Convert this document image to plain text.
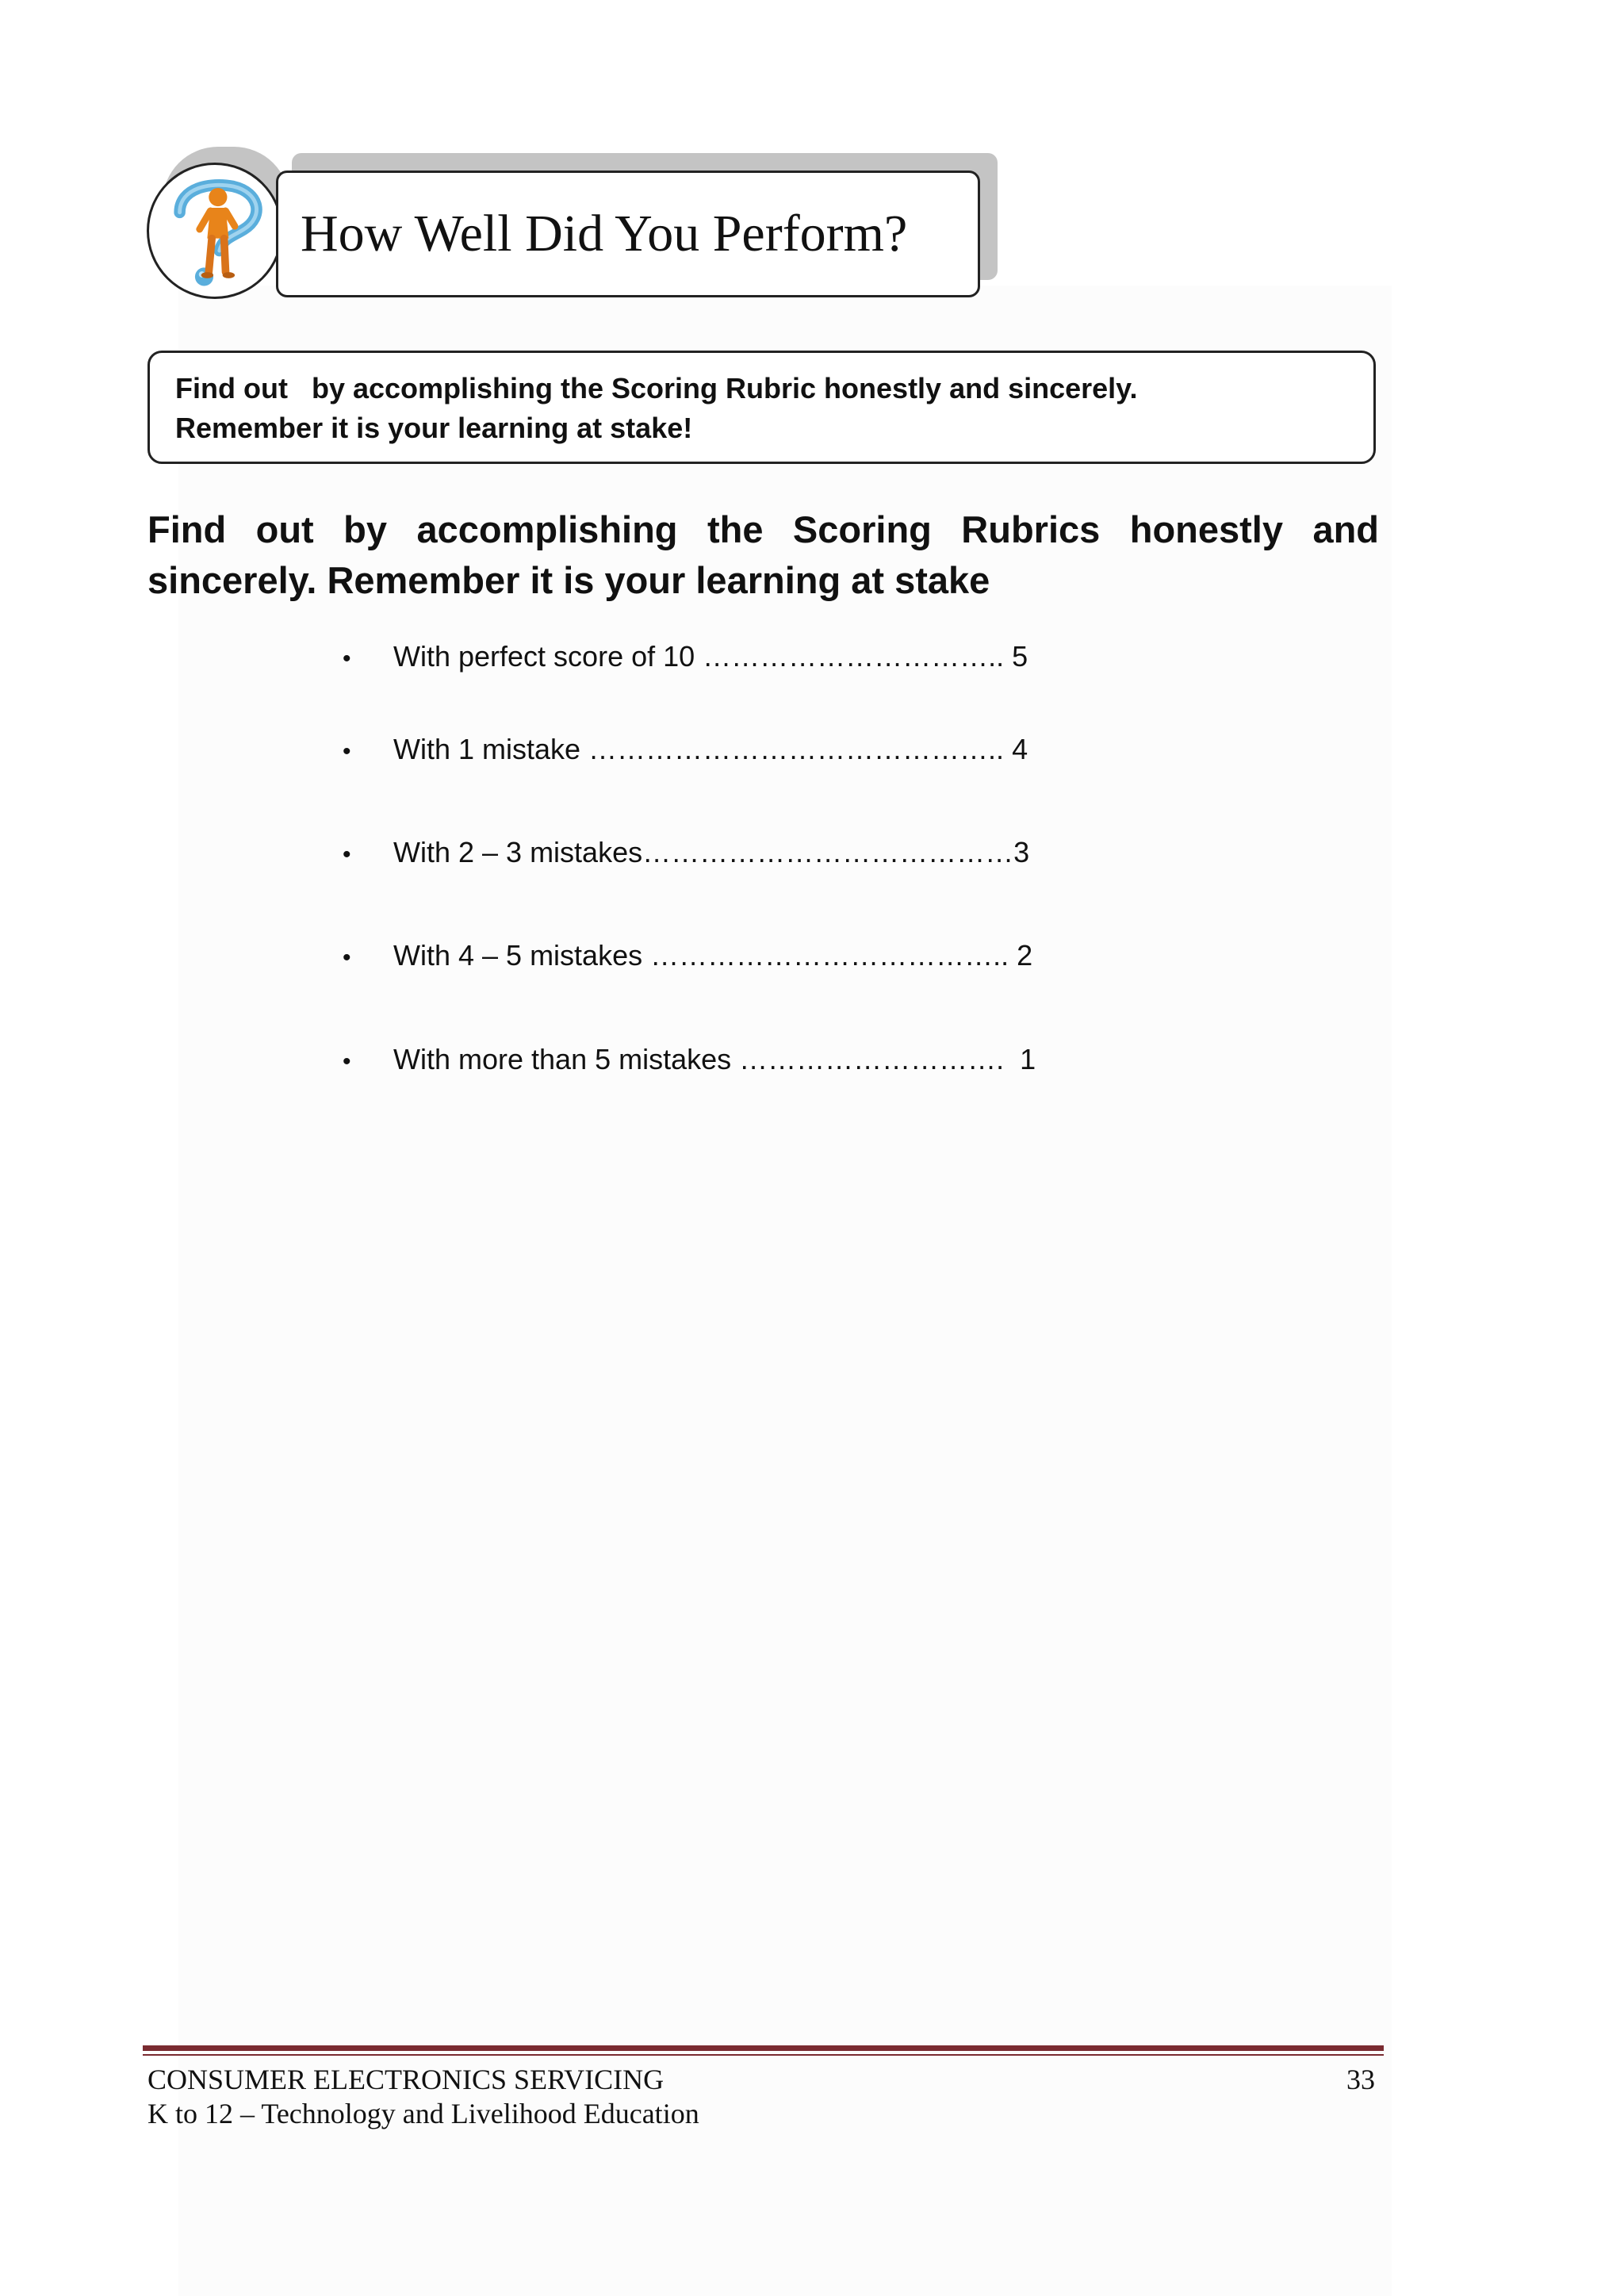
How Well Did You Perform?

Find out   by accomplishing the Scoring Rubric honestly and sincerely.

Remember it is your learning at stake!

Find out by accomplishing the Scoring Rubrics honestly and sincerely. Remember it is your learning at stake

• With perfect score of 10 ………………………….. 5
• With 1 mistake …………………………………….. 4
• With 2 – 3 mistakes…………………………………3
• With 4 – 5 mistakes ……………………………….. 2
• With more than 5 mistakes ……………………….  1
CONSUMER ELECTRONICS SERVICING	33
K to 12 – Technology and Livelihood Education
